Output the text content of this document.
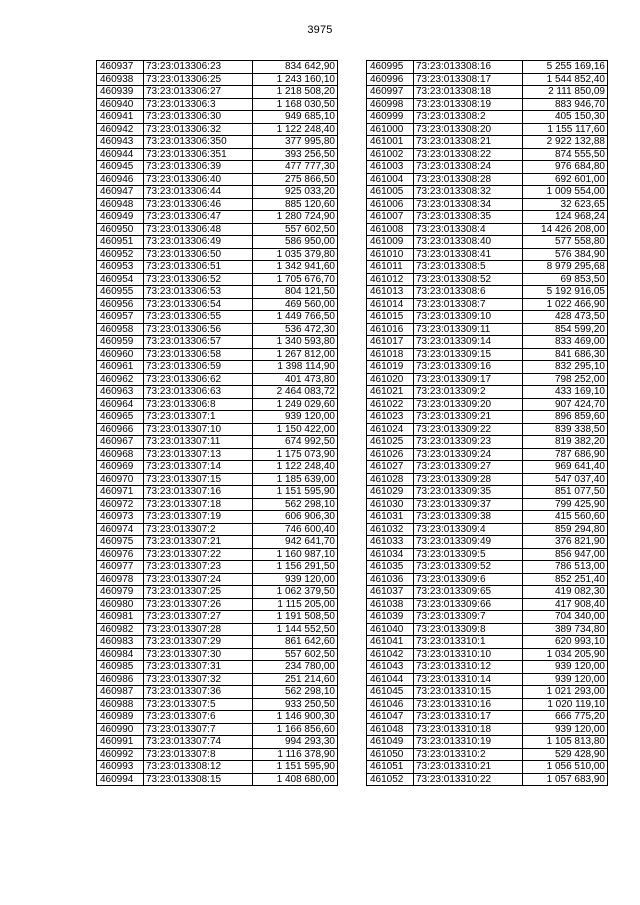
3975
460937	73:23:013306:23	834 642,90
460938	73:23:013306:25	1 243 160,10
460939	73:23:013306:27	1 218 508,20
460940	73:23:013306:3	1 168 030,50
460941	73:23:013306:30	949 685,10
460942	73:23:013306:32	1 122 248,40
460943	73:23:013306:350	377 995,80
460944	73:23:013306:351	393 256,50
460945	73:23:013306:39	477 777,30
460946	73:23:013306:40	275 866,50
460947	73:23:013306:44	925 033,20
460948	73:23:013306:46	885 120,60
460949	73:23:013306:47	1 280 724,90
460950	73:23:013306:48	557 602,50
460951	73:23:013306:49	586 950,00
460952	73:23:013306:50	1 035 379,80
460953	73:23:013306:51	1 342 941,60
460954	73:23:013306:52	1 705 676,70
460955	73:23:013306:53	804 121,50
460956	73:23:013306:54	469 560,00
460957	73:23:013306:55	1 449 766,50
460958	73:23:013306:56	536 472,30
460959	73:23:013306:57	1 340 593,80
460960	73:23:013306:58	1 267 812,00
460961	73:23:013306:59	1 398 114,90
460962	73:23:013306:62	401 473,80
460963	73:23:013306:63	2 464 083,72
460964	73:23:013306:8	1 249 029,60
460965	73:23:013307:1	939 120,00
460966	73:23:013307:10	1 150 422,00
460967	73:23:013307:11	674 992,50
460968	73:23:013307:13	1 175 073,90
460969	73:23:013307:14	1 122 248,40
460970	73:23:013307:15	1 185 639,00
460971	73:23:013307:16	1 151 595,90
460972	73:23:013307:18	562 298,10
460973	73:23:013307:19	606 906,30
460974	73:23:013307:2	746 600,40
460975	73:23:013307:21	942 641,70
460976	73:23:013307:22	1 160 987,10
460977	73:23:013307:23	1 156 291,50
460978	73:23:013307:24	939 120,00
460979	73:23:013307:25	1 062 379,50
460980	73:23:013307:26	1 115 205,00
460981	73:23:013307:27	1 191 508,50
460982	73:23:013307:28	1 144 552,50
460983	73:23:013307:29	861 642,60
460984	73:23:013307:30	557 602,50
460985	73:23:013307:31	234 780,00
460986	73:23:013307:32	251 214,60
460987	73:23:013307:36	562 298,10
460988	73:23:013307:5	933 250,50
460989	73:23:013307:6	1 146 900,30
460990	73:23:013307:7	1 166 856,60
460991	73:23:013307:74	994 293,30
460992	73:23:013307:8	1 116 378,90
460993	73:23:013308:12	1 151 595,90
460994	73:23:013308:15	1 408 680,00
460995	73:23:013308:16	5 255 169,16
460996	73:23:013308:17	1 544 852,40
460997	73:23:013308:18	2 111 850,09
460998	73:23:013308:19	883 946,70
460999	73:23:013308:2	405 150,30
461000	73:23:013308:20	1 155 117,60
461001	73:23:013308:21	2 922 132,88
461002	73:23:013308:22	874 555,50
461003	73:23:013308:24	976 684,80
461004	73:23:013308:28	692 601,00
461005	73:23:013308:32	1 009 554,00
461006	73:23:013308:34	32 623,65
461007	73:23:013308:35	124 968,24
461008	73:23:013308:4	14 426 208,00
461009	73:23:013308:40	577 558,80
461010	73:23:013308:41	576 384,90
461011	73:23:013308:5	8 979 295,68
461012	73:23:013308:52	69 853,50
461013	73:23:013308:6	5 192 916,05
461014	73:23:013308:7	1 022 466,90
461015	73:23:013309:10	428 473,50
461016	73:23:013309:11	854 599,20
461017	73:23:013309:14	833 469,00
461018	73:23:013309:15	841 686,30
461019	73:23:013309:16	832 295,10
461020	73:23:013309:17	798 252,00
461021	73:23:013309:2	433 169,10
461022	73:23:013309:20	907 424,70
461023	73:23:013309:21	896 859,60
461024	73:23:013309:22	839 338,50
461025	73:23:013309:23	819 382,20
461026	73:23:013309:24	787 686,90
461027	73:23:013309:27	969 641,40
461028	73:23:013309:28	547 037,40
461029	73:23:013309:35	851 077,50
461030	73:23:013309:37	799 425,90
461031	73:23:013309:38	415 560,60
461032	73:23:013309:4	859 294,80
461033	73:23:013309:49	376 821,90
461034	73:23:013309:5	856 947,00
461035	73:23:013309:52	786 513,00
461036	73:23:013309:6	852 251,40
461037	73:23:013309:65	419 082,30
461038	73:23:013309:66	417 908,40
461039	73:23:013309:7	704 340,00
461040	73:23:013309:8	389 734,80
461041	73:23:013310:1	620 993,10
461042	73:23:013310:10	1 034 205,90
461043	73:23:013310:12	939 120,00
461044	73:23:013310:14	939 120,00
461045	73:23:013310:15	1 021 293,00
461046	73:23:013310:16	1 020 119,10
461047	73:23:013310:17	666 775,20
461048	73:23:013310:18	939 120,00
461049	73:23:013310:19	1 105 813,80
461050	73:23:013310:2	529 428,90
461051	73:23:013310:21	1 056 510,00
461052	73:23:013310:22	1 057 683,90
